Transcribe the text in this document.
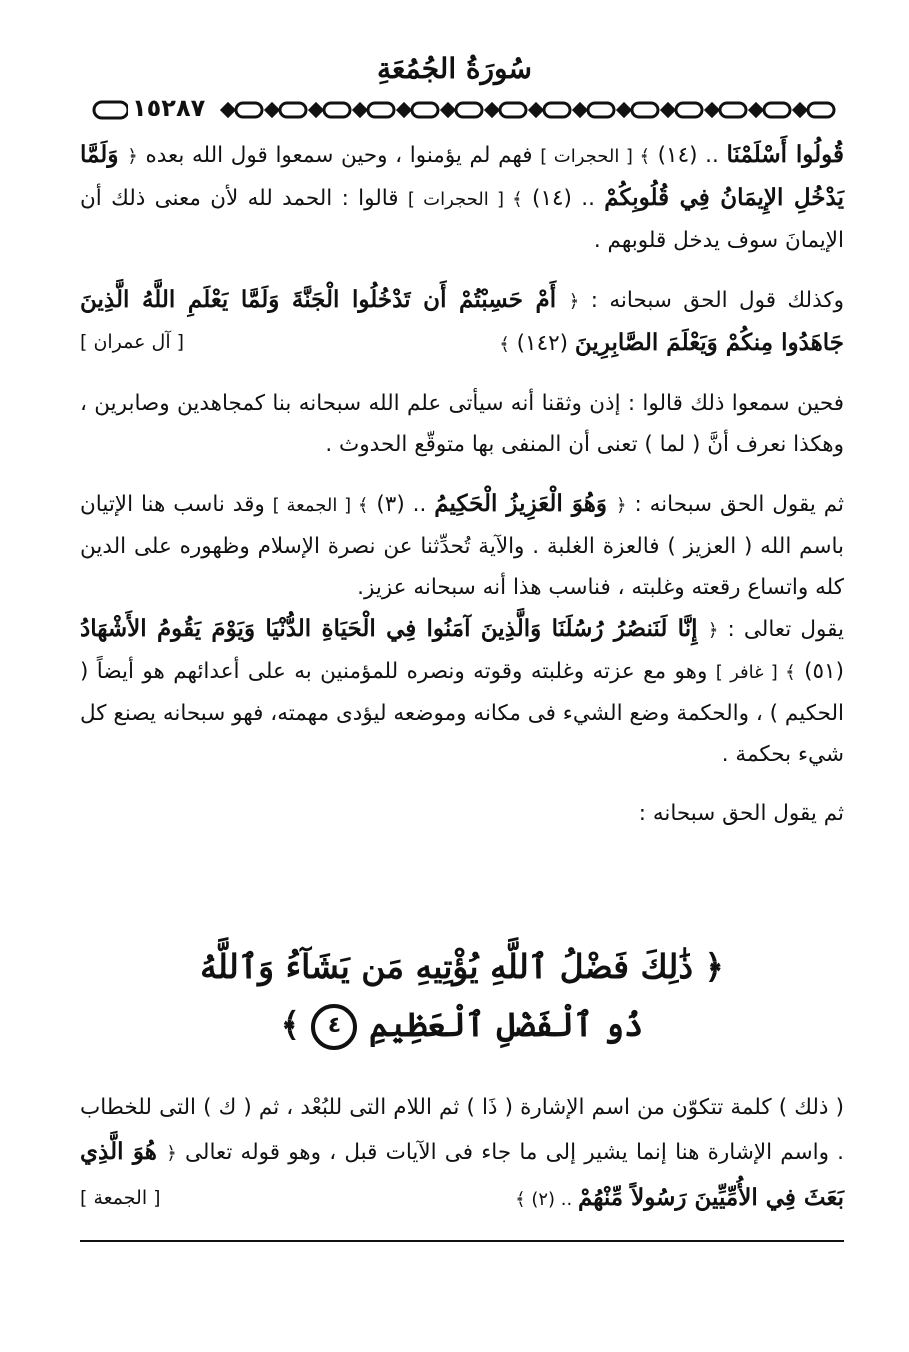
سُورَةُ الجُمُعَةِ
١٥٢٨٧

قُولُوا أَسْلَمْنَا .. (١٤) ﴾ [ الحجرات ] فهم لم يؤمنوا ، وحين سمعوا قول الله بعده ﴿ وَلَمَّا يَدْخُلِ الإِيمَانُ فِي قُلُوبِكُمْ .. (١٤) ﴾ [ الحجرات ] قالوا : الحمد لله لأن معنى ذلك أن الإيمانَ سوف يدخل قلوبهم .

وكذلك قول الحق سبحانه : ﴿ أَمْ حَسِبْتُمْ أَن تَدْخُلُوا الْجَنَّةَ وَلَمَّا يَعْلَمِ اللَّهُ الَّذِينَ جَاهَدُوا مِنكُمْ وَيَعْلَمَ الصَّابِرِينَ (١٤٢) ﴾
[ آل عمران ]

فحين سمعوا ذلك قالوا : إذن وثقنا أنه سيأتى علم الله سبحانه بنا كمجاهدين وصابرين ، وهكذا نعرف أنَّ ( لما ) تعنى أن المنفى بها متوقّع الحدوث .

ثم يقول الحق سبحانه : ﴿ وَهُوَ الْعَزِيزُ الْحَكِيمُ .. (٣) ﴾ [ الجمعة ] وقد ناسب هنا الإتيان باسم الله ( العزيز ) فالعزة الغلبة . والآية تُحدِّثنا عن نصرة الإسلام وظهوره على الدين كله واتساع رقعته وغلبته ، فناسب هذا أنه سبحانه عزيز.

يقول تعالى : ﴿ إِنَّا لَنَنصُرُ رُسُلَنَا وَالَّذِينَ آمَنُوا فِي الْحَيَاةِ الدُّنْيَا وَيَوْمَ يَقُومُ الأَشْهَادُ (٥١) ﴾ [ غافر ] وهو مع عزته وغلبته وقوته ونصره للمؤمنين به على أعدائهم هو أيضاً ( الحكيم ) ، والحكمة وضع الشيء فى مكانه وموضعه ليؤدى مهمته، فهو سبحانه يصنع كل شيء بحكمة .

ثم يقول الحق سبحانه :

﴿ ذَٰلِكَ فَضْلُ ٱللَّهِ يُؤْتِيهِ مَن يَشَآءُ وَٱللَّهُ
ذُو ٱلْفَضْلِ ٱلْعَظِيمِ ٤ ﴾

( ذلك ) كلمة تتكوّن من اسم الإشارة ( ذَا ) ثم اللام التى للبُعْد ، ثم ( ك ) التى للخطاب . واسم الإشارة هنا إنما يشير إلى ما جاء فى الآيات قبل ، وهو قوله تعالى ﴿ هُوَ الَّذِي بَعَثَ فِي الأُمِّيِّينَ رَسُولاً مِّنْهُمْ .. (٢) ﴾
[ الجمعة ]
